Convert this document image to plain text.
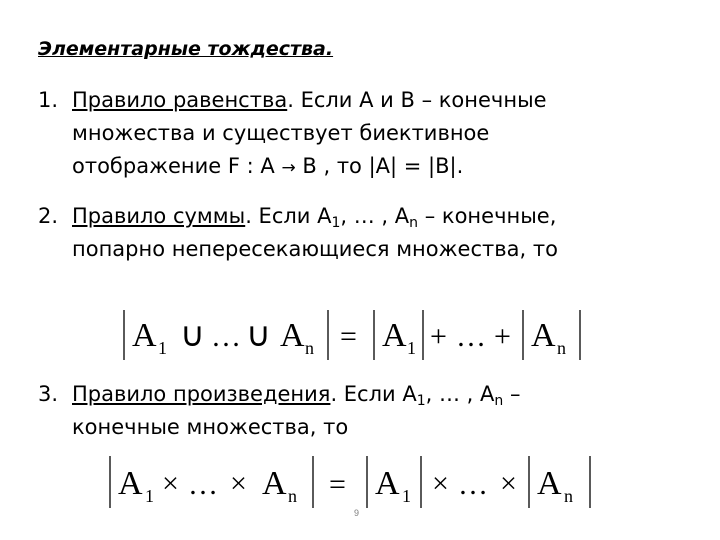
Элементарные тождества.
1. Правило равенства. Если A и B – конечные
множества и существует биективное
отображение F : A → B , то |A| = |B|.
2. Правило суммы. Если $A_1$, … , $A_n$ – конечные,
попарно непересекающиеся множества, то
A 1 ∪ … ∪ A n = A 1 + … + A n
3. Правило произведения. Если $A_1$, … , $A_n$ –
конечные множества, то
A 1 × … × A n = A 1 × … × A n
9
